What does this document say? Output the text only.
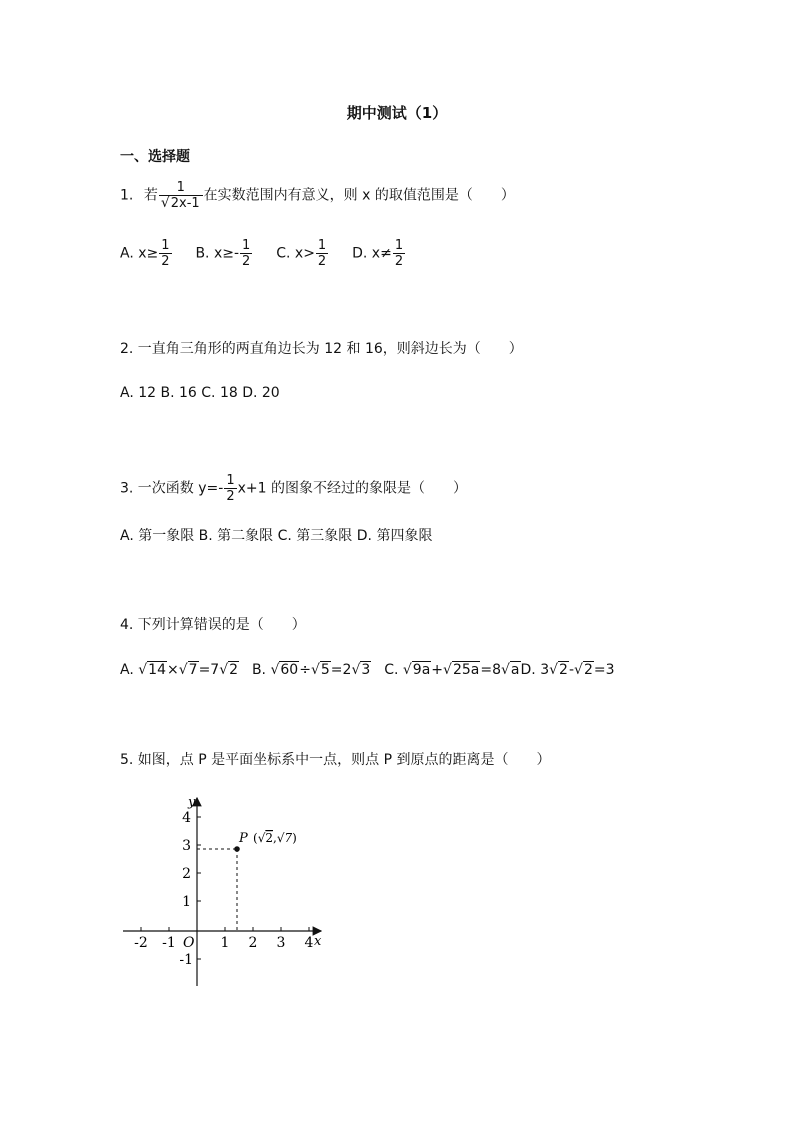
期中测试（1）
一、选择题
1. 若 $\frac{1}{√2x-1}$ 在实数范围内有意义，则 x 的取值范围是（　　）
A. $x\ge \frac{1}{2} B$. $x\ge- \frac{1}{2} C$. $x> \frac{1}{2} D$. $x\ne \frac{1}{2}$
2. 一直角三角形的两直角边长为 12 和 16，则斜边长为（　　）
A. 12 B. 16 C. 18 D. 20
3. 一次函数 $y=- \frac{1}{2} x+1$ 的图象不经过的象限是（　　）
A. 第一象限 B. 第二象限 C. 第三象限 D. 第四象限
4. 下列计算错误的是（　　）
A. √14×√7=7√2 B. √60÷√5=2√3 C. √9a+√25a=8√aD. 3√2-√2=3
5. 如图，点 P 是平面坐标系中一点，则点 P 到原点的距离是（　　）
-2 -1	1 2 3 4
4
3
2
1
-1
y
x
O
P (√2,√7)
